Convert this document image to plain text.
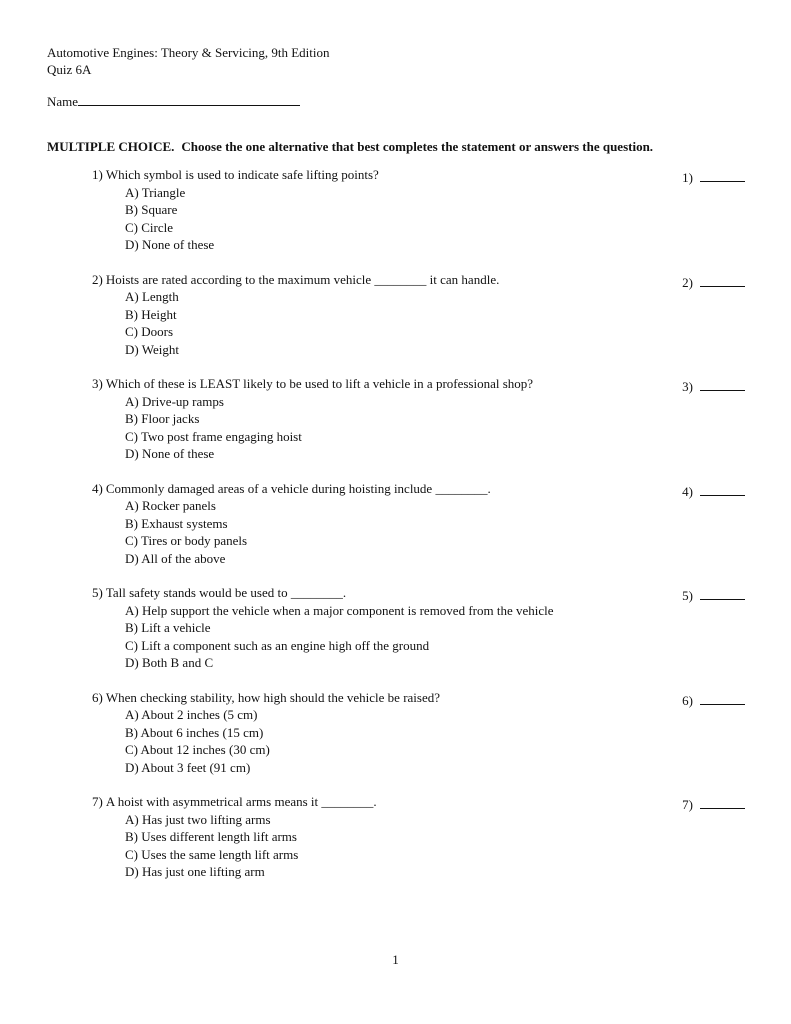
Automotive Engines: Theory & Servicing, 9th Edition
Quiz 6A
Name
MULTIPLE CHOICE. Choose the one alternative that best completes the statement or answers the question.
1) Which symbol is used to indicate safe lifting points?
A) Triangle
B) Square
C) Circle
D) None of these
1)
2) Hoists are rated according to the maximum vehicle ________ it can handle.
A) Length
B) Height
C) Doors
D) Weight
2)
3) Which of these is LEAST likely to be used to lift a vehicle in a professional shop?
A) Drive-up ramps
B) Floor jacks
C) Two post frame engaging hoist
D) None of these
3)
4) Commonly damaged areas of a vehicle during hoisting include ________.
A) Rocker panels
B) Exhaust systems
C) Tires or body panels
D) All of the above
4)
5) Tall safety stands would be used to ________.
A) Help support the vehicle when a major component is removed from the vehicle
B) Lift a vehicle
C) Lift a component such as an engine high off the ground
D) Both B and C
5)
6) When checking stability, how high should the vehicle be raised?
A) About 2 inches (5 cm)
B) About 6 inches (15 cm)
C) About 12 inches (30 cm)
D) About 3 feet (91 cm)
6)
7) A hoist with asymmetrical arms means it ________.
A) Has just two lifting arms
B) Uses different length lift arms
C) Uses the same length lift arms
D) Has just one lifting arm
7)
1
